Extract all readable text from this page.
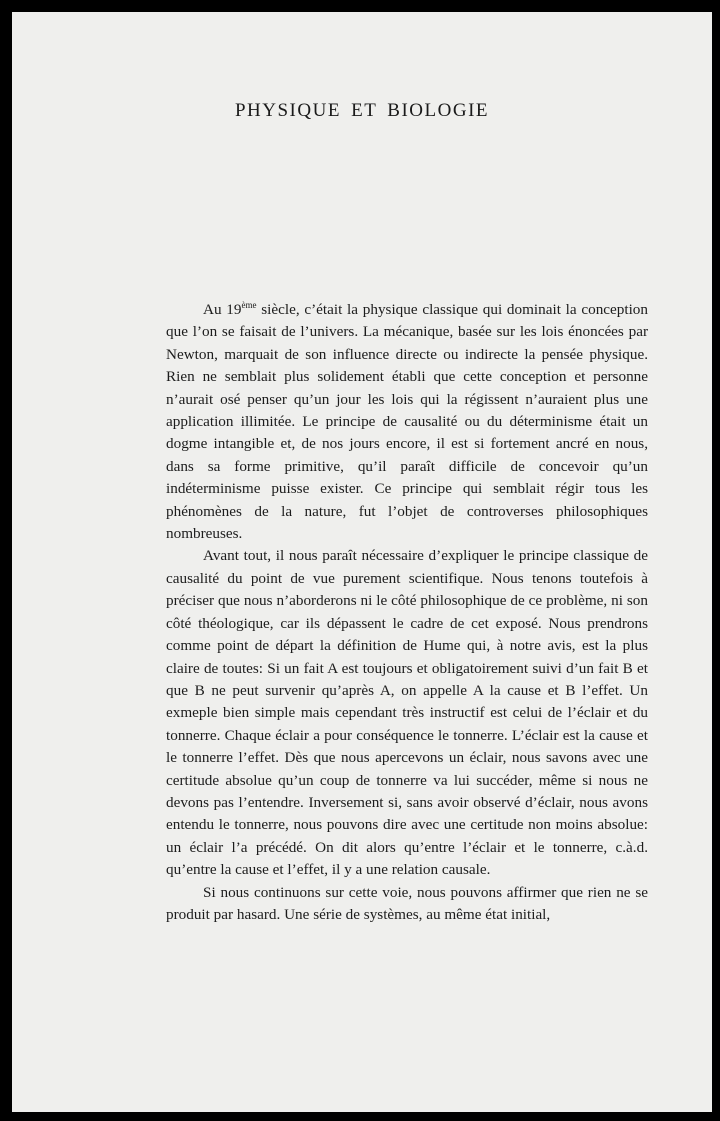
PHYSIQUE ET BIOLOGIE

Au 19ème siècle, c’était la physique classique qui dominait la conception que l’on se faisait de l’univers. La mécanique, basée sur les lois énoncées par Newton, marquait de son influence directe ou indirecte la pensée physique. Rien ne semblait plus solidement établi que cette conception et personne n’aurait osé penser qu’un jour les lois qui la régissent n’auraient plus une application illimitée. Le principe de causalité ou du déterminisme était un dogme intangible et, de nos jours encore, il est si fortement ancré en nous, dans sa forme primitive, qu’il paraît difficile de concevoir qu’un indéterminisme puisse exister. Ce principe qui semblait régir tous les phénomènes de la nature, fut l’objet de controverses philosophiques nombreuses.

Avant tout, il nous paraît nécessaire d’expliquer le principe classique de causalité du point de vue purement scientifique. Nous tenons toutefois à préciser que nous n’aborderons ni le côté philosophique de ce problème, ni son côté théologique, car ils dépassent le cadre de cet exposé. Nous prendrons comme point de départ la définition de Hume qui, à notre avis, est la plus claire de toutes: Si un fait A est toujours et obligatoirement suivi d’un fait B et que B ne peut survenir qu’après A, on appelle A la cause et B l’effet. Un exmeple bien simple mais cependant très instructif est celui de l’éclair et du tonnerre. Chaque éclair a pour conséquence le tonnerre. L’éclair est la cause et le tonnerre l’effet. Dès que nous apercevons un éclair, nous savons avec une certitude absolue qu’un coup de tonnerre va lui succéder, même si nous ne devons pas l’entendre. Inversement si, sans avoir observé d’éclair, nous avons entendu le tonnerre, nous pouvons dire avec une certitude non moins absolue: un éclair l’a précédé. On dit alors qu’entre l’éclair et le tonnerre, c.à.d. qu’entre la cause et l’effet, il y a une relation causale.

Si nous continuons sur cette voie, nous pouvons affirmer que rien ne se produit par hasard. Une série de systèmes, au même état initial,
